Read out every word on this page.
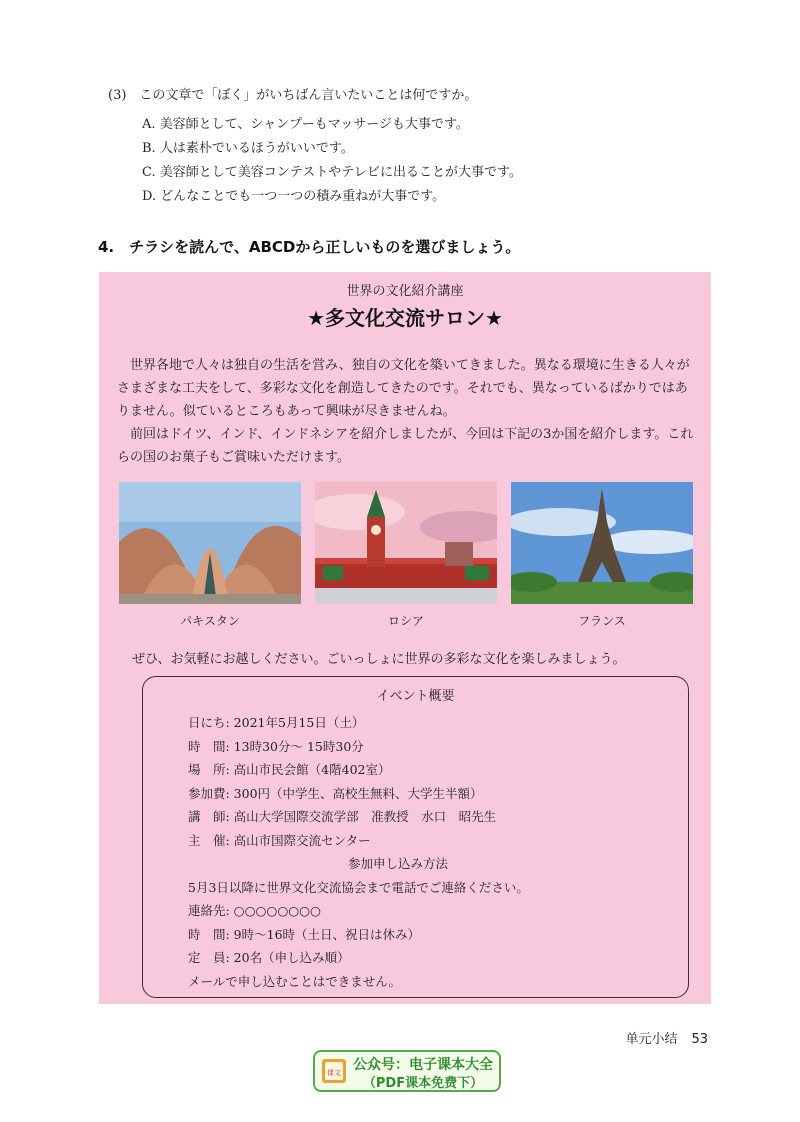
(3)　この文章で「ぼく」がいちばん言いたいことは何ですか。

A. 美容師として、シャンプーもマッサージも大事です。

B. 人は素朴でいるほうがいいです。

C. 美容師として美容コンテストやテレビに出ることが大事です。

D. どんなことでも一つ一つの積み重ねが大事です。

4.　チラシを読んで、ABCDから正しいものを選びましょう。
世界の文化紹介講座
★多文化交流サロン★

世界各地で人々は独自の生活を営み、独自の文化を築いてきました。異なる環境に生きる人々がさまざまな工夫をして、多彩な文化を創造してきたのです。それでも、異なっているばかりではありません。似ているところもあって興味が尽きませんね。

前回はドイツ、インド、インドネシアを紹介しましたが、今回は下記の3か国を紹介します。これらの国のお菓子もご賞味いただけます。

パキスタン	ロシア	フランス
ぜひ、お気軽にお越しください。ごいっしょに世界の多彩な文化を楽しみましょう。
イベント概要
日にち: 2021年5月15日（土）
時　間: 13時30分～ 15時30分
場　所: 高山市民会館（4階402室）
参加費: 300円（中学生、高校生無料、大学生半額）
講　師: 高山大学国際交流学部　准教授　水口　昭先生
主　催: 高山市国際交流センター
参加申し込み方法
5月3日以降に世界文化交流協会まで電話でご連絡ください。
連絡先: ○○○○○○○○
時　間: 9時～16時（土日、祝日は休み）
定　員: 20名（申し込み順）
メールで申し込むことはできません。
单元小结 53
课文 公众号：电子课本大全
（PDF课本免费下）
